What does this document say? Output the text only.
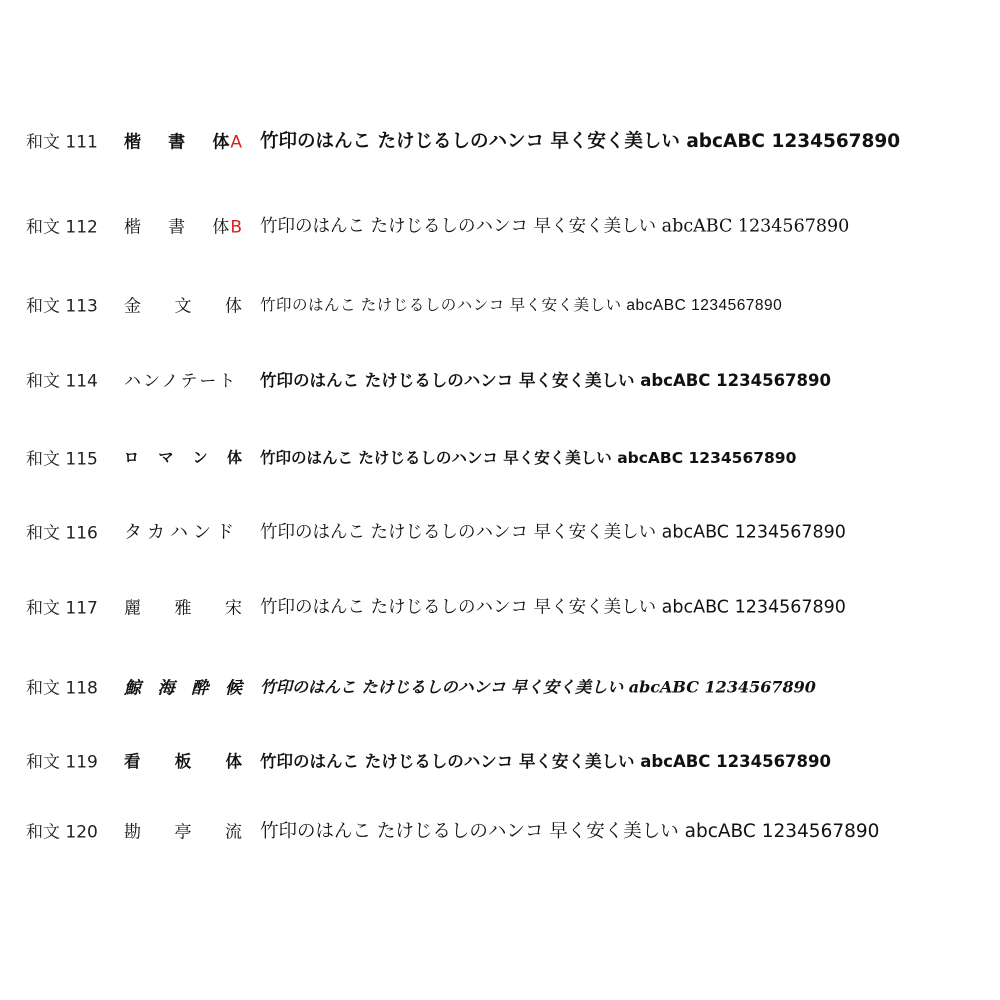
和文 111 楷 書 体A 竹印のはんこ たけじるしのハンコ 早く安く美しい abcABC 1234567890
和文 112 楷 書 体B 竹印のはんこ たけじるしのハンコ 早く安く美しい abcABC 1234567890
和文 113 金 文 体 竹印のはんこ たけじるしのハンコ 早く安く美しい abcABC 1234567890
和文 114 ハンノテート 竹印のはんこ たけじるしのハンコ 早く安く美しい abcABC 1234567890
和文 115 ロ マ ン 体 竹印のはんこ たけじるしのハンコ 早く安く美しい abcABC 1234567890
和文 116 タカハンド 竹印のはんこ たけじるしのハンコ 早く安く美しい abcABC 1234567890
和文 117 麗 雅 宋 竹印のはんこ たけじるしのハンコ 早く安く美しい abcABC 1234567890
和文 118 鯨 海 酔 候 竹印のはんこ たけじるしのハンコ 早く安く美しい abcABC 1234567890
和文 119 看 板 体 竹印のはんこ たけじるしのハンコ 早く安く美しい abcABC 1234567890
和文 120 勘 亭 流 竹印のはんこ たけじるしのハンコ 早く安く美しい abcABC 1234567890
